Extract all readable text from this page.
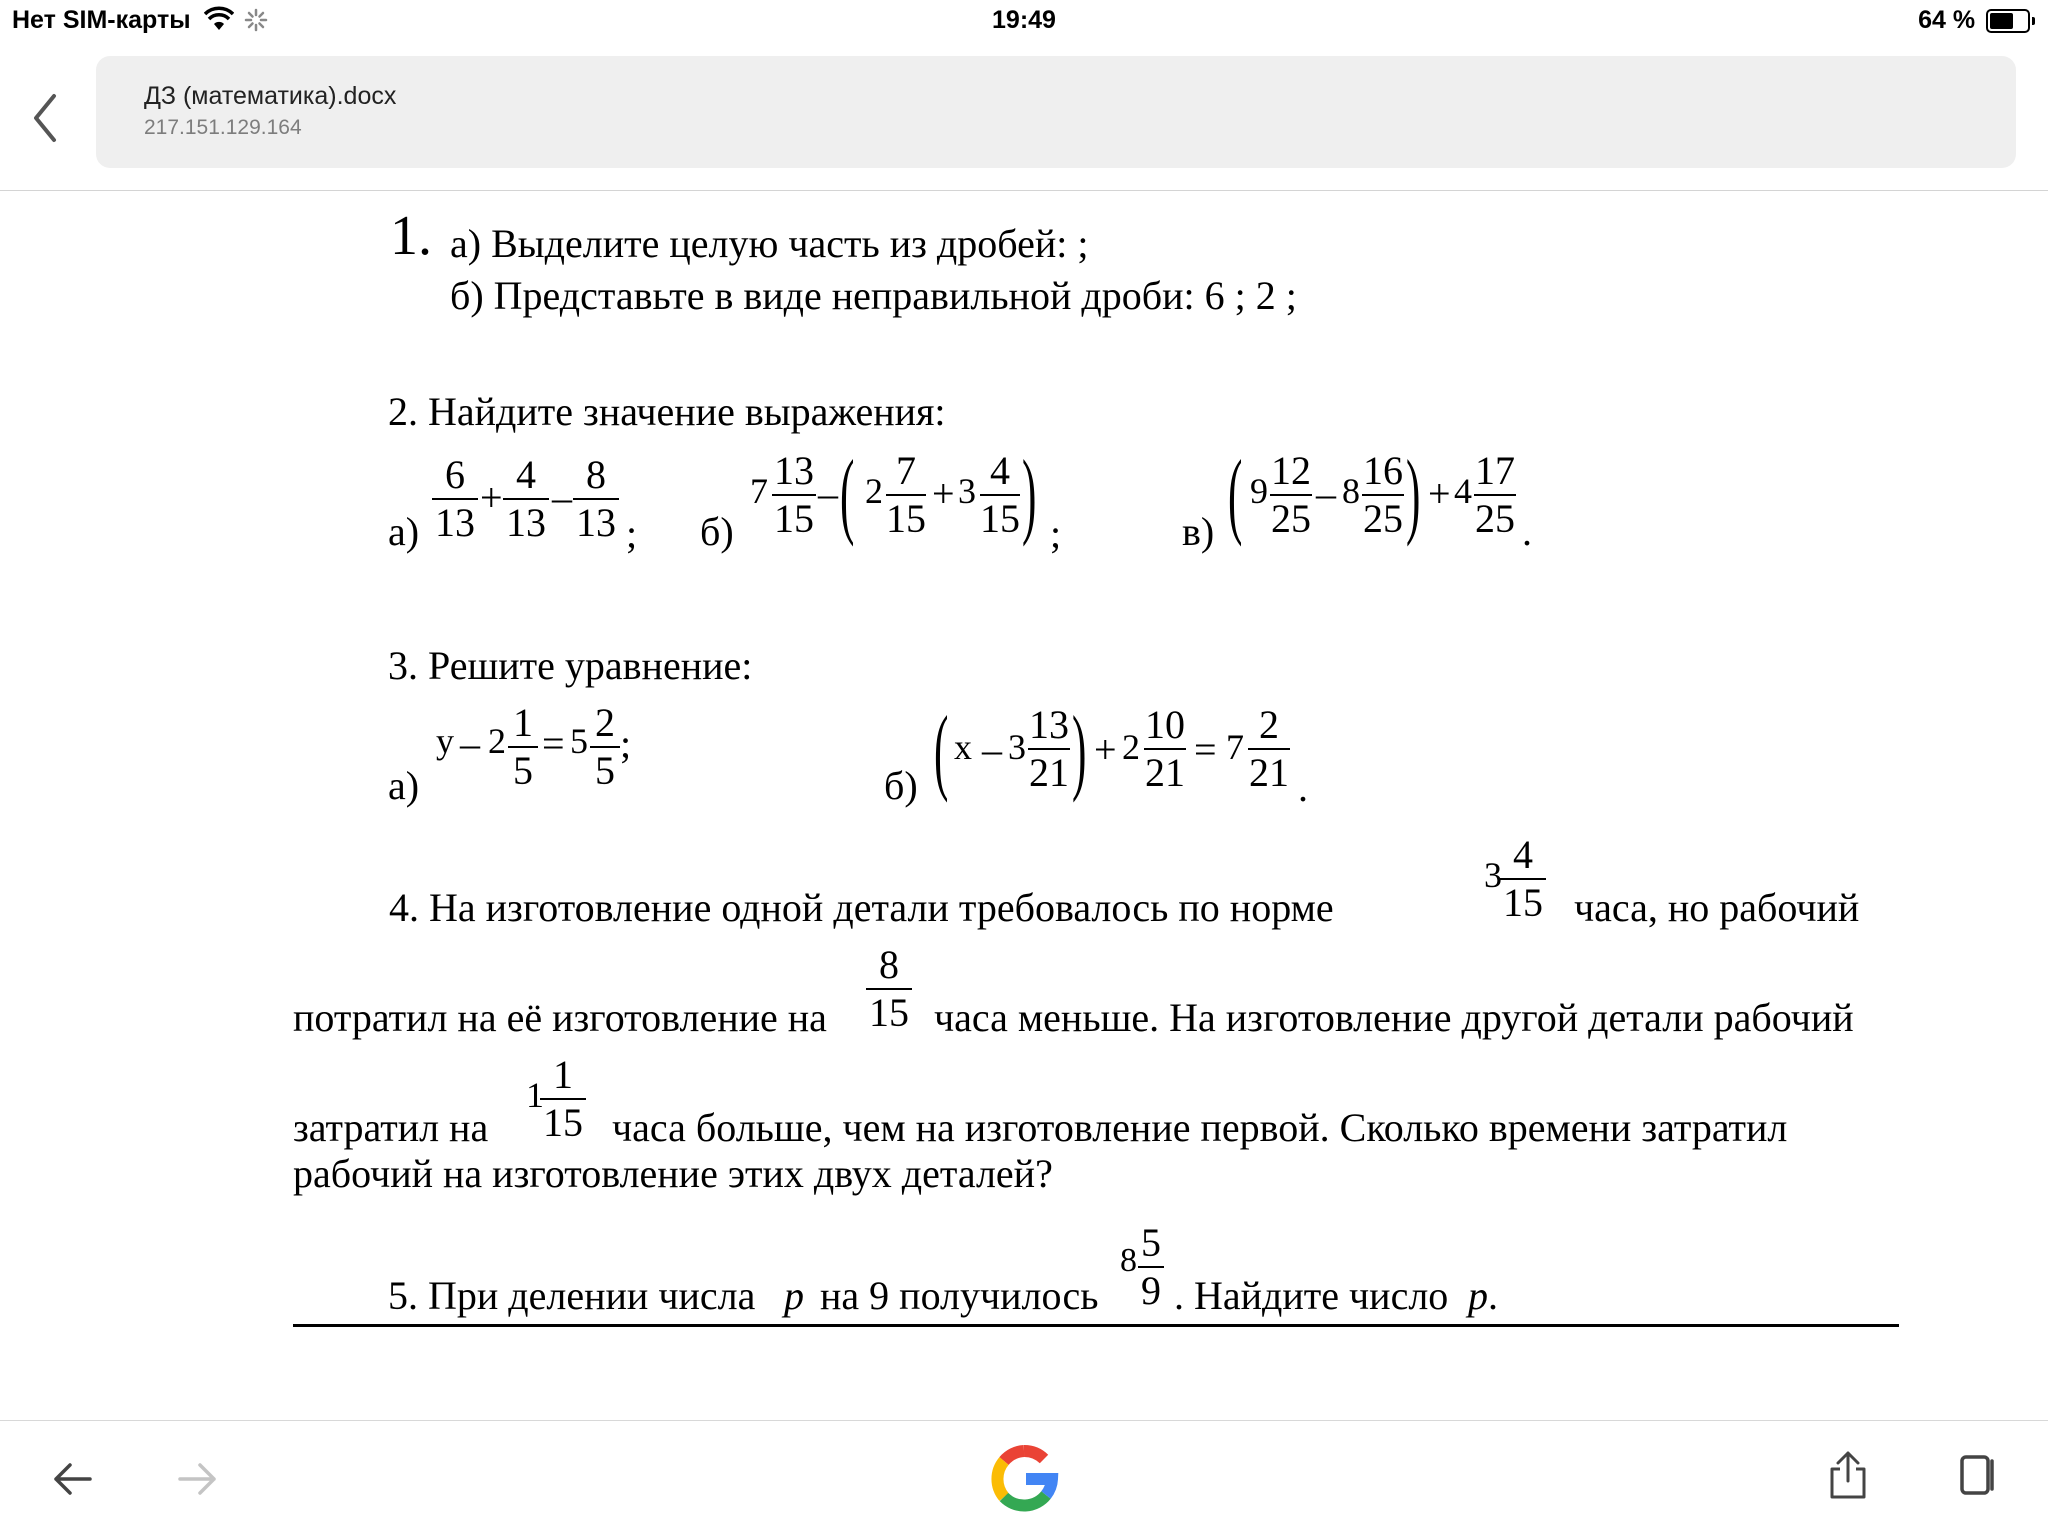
Нет SIM-карты	19:49	64 %
ДЗ (математика).docx
217.151.129.164
1. а) Выделите целую часть из дробей: ;
б) Представьте в виде неправильной дроби: 6 ; 2 ;
2. Найдите значение выражения:
а)
6
13
+
4
13
–
8
13 ; б)
7 13
15
– ( 2 7
15
+ 3 4
15 ) ;	в) ( 9 12
25
– 8 16
25 ) + 4 17
25 .
3. Решите уравнение:
а)
y – 2 1
5
= 5 2
5
;
б) ( x – 3 13
21 ) + 2 10
21
= 7 2
21 .
4. На изготовление одной детали требовалось по норме	часа, но рабочий
3 4
15
потратил на её изготовление на
8
15 часа меньше. На изготовление другой детали рабочий
затратил на
1 1
15 часа больше, чем на изготовление первой. Сколько времени затратил
рабочий на изготовление этих двух деталей?
5. При делении числа p на 9 получилось
8 5
9 . Найдите число p .
